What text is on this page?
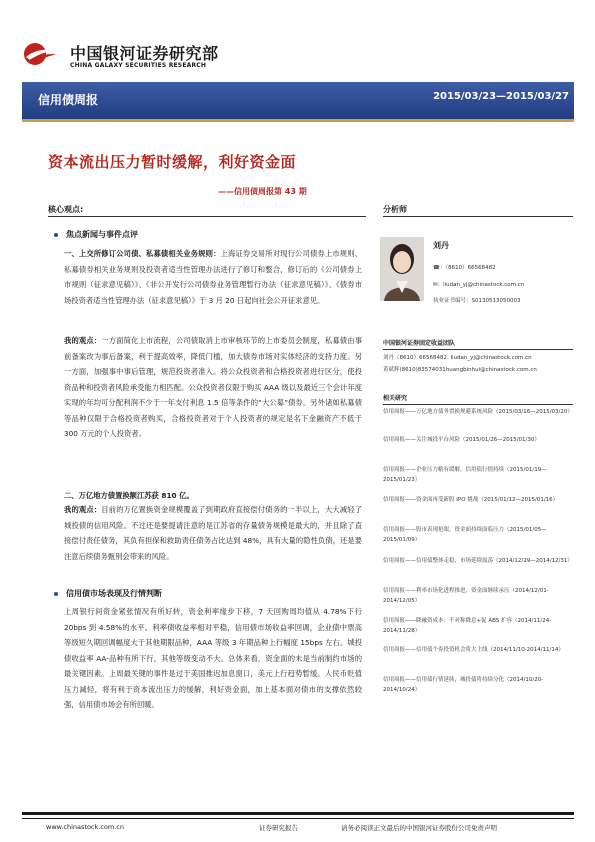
中国银河证券研究部
CHINA GALAXY SECURITIES RESEARCH
信用债周报	2015/03/23—2015/03/27
资本流出压力暂时缓解，利好资金面
——信用债周报第 43 期
核心观点:	分析师
焦点新闻与事件点评
一、上交所修订公司债、私募债相关业务规则：上海证券交易所对现行公司债券上市规则、私募债券相关业务规则及投资者适当性管理办法进行了修订和整合，修订后的《公司债券上市规则（征求意见稿）》、《非公开发行公司债券业务管理暂行办法（征求意见稿）》、《债券市场投资者适当性管理办法（征求意见稿）》于 3 月 20 日起向社会公开征求意见。
我的观点：一方面简化上市流程，公司债取消上市审核环节的上市委员会制度，私募债由事前备案改为事后备案，利于提高效率，降低门槛，加大债券市场对实体经济的支持力度。另一方面，加强事中事后管理，规范投资者准入。将公众投资者和合格投资者进行区分，使投资品种和投资者风险承受能力相匹配。公众投资者仅限于购买 AAA 级以及最近三个会计年度实现的年均可分配利润不少于一年支付利息 1.5 倍等条件的“大公募”债券。另外诸如私募债等品种仅限于合格投资者购买，合格投资者对于个人投资者的规定是名下金融资产不低于 300 万元的个人投资者。
二、万亿地方债置换额江苏获 810 亿。
我的观点：目前的万亿置换资金规模覆盖了到期政府直接偿付债务的一半以上，大大减轻了城投债的信用风险。不过还是要提请注意的是江苏省的存量债务规模是最大的，并且除了直接偿付责任债务，其负有担保和救助责任债务占比达到 48%，具有大量的隐性负债，还是要注意后续债务甄别会带来的风险。
信用债市场表现及行情判断
上周银行间资金紧张情况有所好转，资金利率缘步下移，7 天回购周均值从 4.78%下行 20bps 到 4.58%的水平。利率债收益率相对平稳，信用债市场收益率回调，企业债中票高等级短久期回调幅度大于其他期限品种，AAA 等级 3 年期品种上行幅度 15bps 左右。城投债收益率 AA-品种有所下行，其他等级变动不大。总体来看，资金面的未是当前制约市场的最关键因素。上周最关键的事件是过于美国推迟加息窗口，美元上行趋势暂缓。人民币贬值压力减轻，将有利于资本流出压力的缓解，利好资金面，加上基本面对债市的支撑依然较强，信用债市场会有所回暖。
刘丹
☎：（8610）66568482
✉：liudan_yj@chinastock.com.cn
执业证书编号：S0130513050003
中国银河证券固定收益团队
刘丹（8610）66568482. liudan_yj@chinastock.com.cn
黄斌辉(8610)83574031huangbinhui@chinastock.com.cn
相关研究
信用周报——万亿地方债务置换规避系统风险（2015/03/16—2015/03/20）
信用周报——关注城投平台风险（2015/01/26—2015/01/30）
信用周报——企业压力略有缓解，信用债行情持续（2015/01/19—2015/01/23）
信用周报——资金面再受新股 IPO 挑战（2015/01/12—2015/01/16）
信用周报——股市表现抢眼，资金面持续面临压力（2015/01/05—2015/01/09）
信用周报——信用债整体走稳，市场延续震荡（2014/12/29—2014/12/31）
信用周报——利率市场化进程推进，资金面继续承压（2014/12/01-2014/12/05）
信用周报——降融资成本：不对称降息+促 ABS 扩容（2014/11/24-2014/11/28）
信用周报——信用债个券投资机会将大主线（2014/11/10-2014/11/14）
信用周报——信用债行情延续，城投债将持续分化（2014/10/20-2014/10/24）
www.chinastock.com.cn	证券研究报告	请务必阅读正文最后的中国银河证券股份公司免责声明
